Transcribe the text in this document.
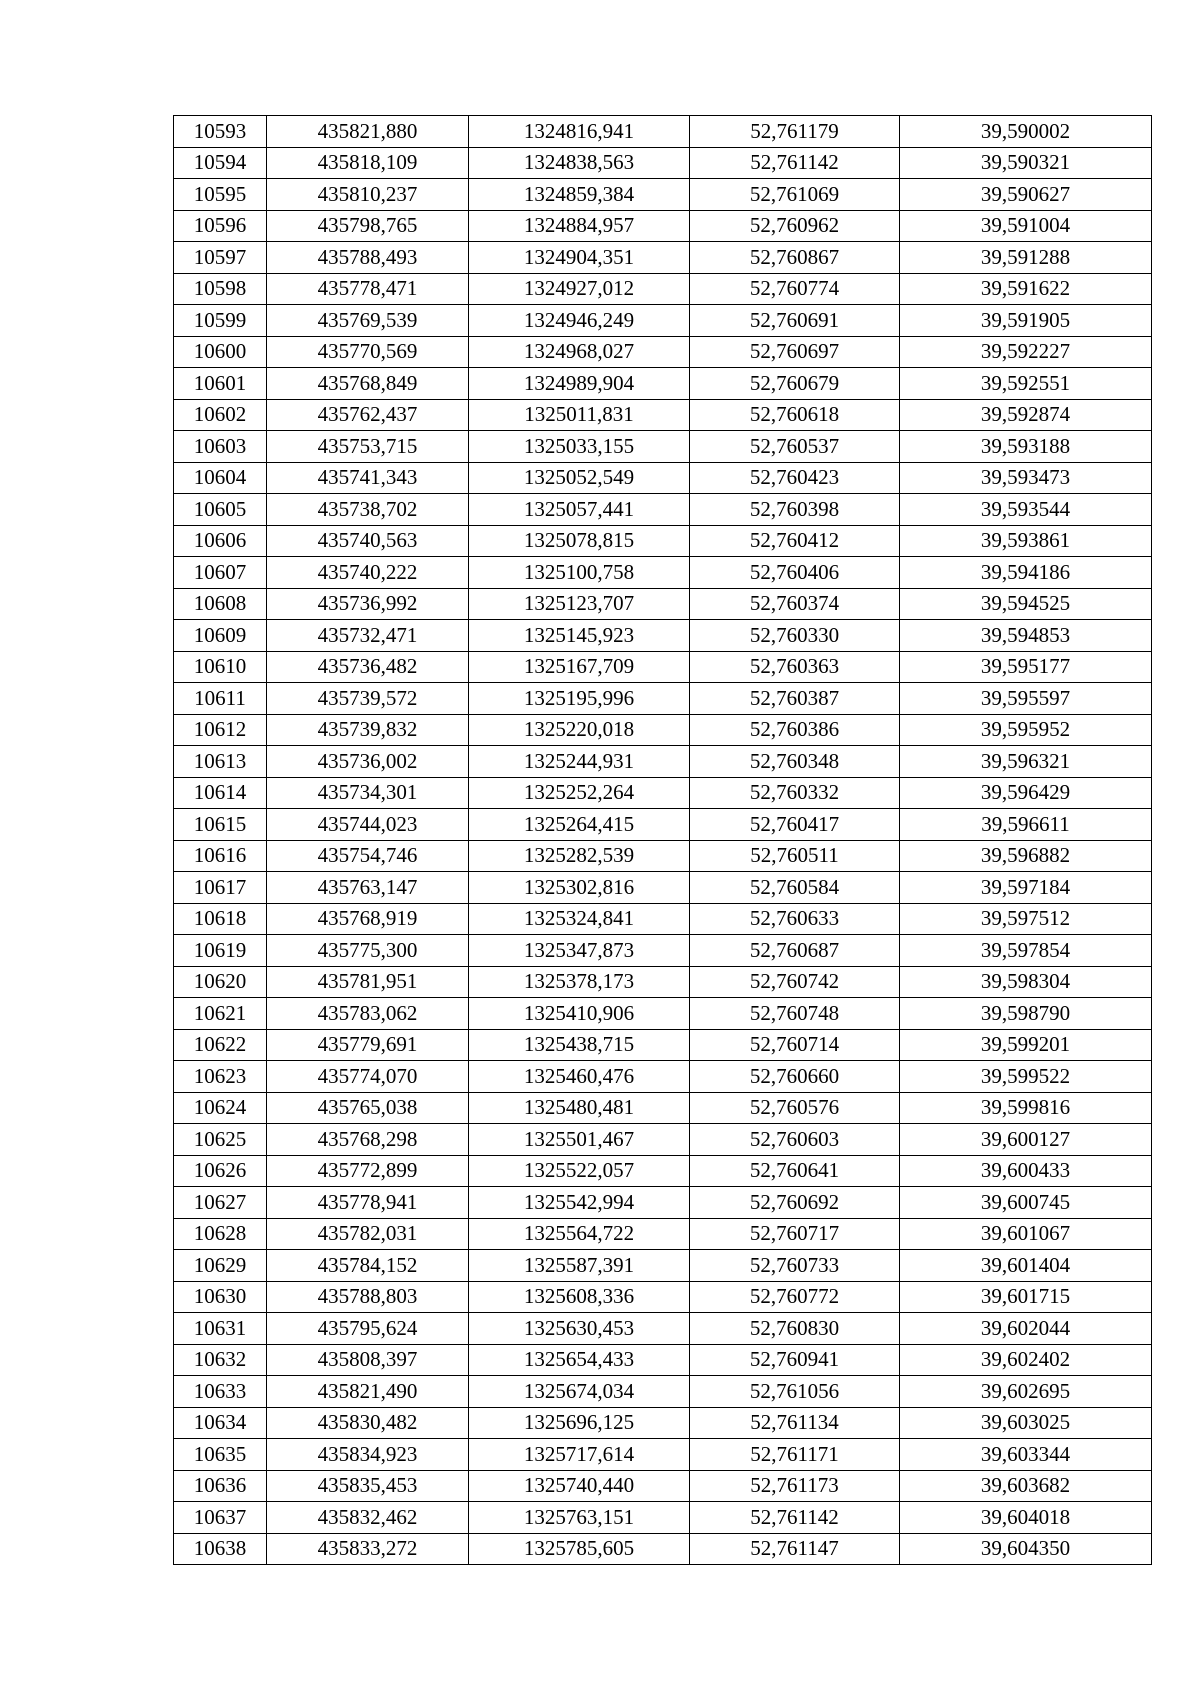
10593	435821,880	1324816,941	52,761179	39,590002
10594	435818,109	1324838,563	52,761142	39,590321
10595	435810,237	1324859,384	52,761069	39,590627
10596	435798,765	1324884,957	52,760962	39,591004
10597	435788,493	1324904,351	52,760867	39,591288
10598	435778,471	1324927,012	52,760774	39,591622
10599	435769,539	1324946,249	52,760691	39,591905
10600	435770,569	1324968,027	52,760697	39,592227
10601	435768,849	1324989,904	52,760679	39,592551
10602	435762,437	1325011,831	52,760618	39,592874
10603	435753,715	1325033,155	52,760537	39,593188
10604	435741,343	1325052,549	52,760423	39,593473
10605	435738,702	1325057,441	52,760398	39,593544
10606	435740,563	1325078,815	52,760412	39,593861
10607	435740,222	1325100,758	52,760406	39,594186
10608	435736,992	1325123,707	52,760374	39,594525
10609	435732,471	1325145,923	52,760330	39,594853
10610	435736,482	1325167,709	52,760363	39,595177
10611	435739,572	1325195,996	52,760387	39,595597
10612	435739,832	1325220,018	52,760386	39,595952
10613	435736,002	1325244,931	52,760348	39,596321
10614	435734,301	1325252,264	52,760332	39,596429
10615	435744,023	1325264,415	52,760417	39,596611
10616	435754,746	1325282,539	52,760511	39,596882
10617	435763,147	1325302,816	52,760584	39,597184
10618	435768,919	1325324,841	52,760633	39,597512
10619	435775,300	1325347,873	52,760687	39,597854
10620	435781,951	1325378,173	52,760742	39,598304
10621	435783,062	1325410,906	52,760748	39,598790
10622	435779,691	1325438,715	52,760714	39,599201
10623	435774,070	1325460,476	52,760660	39,599522
10624	435765,038	1325480,481	52,760576	39,599816
10625	435768,298	1325501,467	52,760603	39,600127
10626	435772,899	1325522,057	52,760641	39,600433
10627	435778,941	1325542,994	52,760692	39,600745
10628	435782,031	1325564,722	52,760717	39,601067
10629	435784,152	1325587,391	52,760733	39,601404
10630	435788,803	1325608,336	52,760772	39,601715
10631	435795,624	1325630,453	52,760830	39,602044
10632	435808,397	1325654,433	52,760941	39,602402
10633	435821,490	1325674,034	52,761056	39,602695
10634	435830,482	1325696,125	52,761134	39,603025
10635	435834,923	1325717,614	52,761171	39,603344
10636	435835,453	1325740,440	52,761173	39,603682
10637	435832,462	1325763,151	52,761142	39,604018
10638	435833,272	1325785,605	52,761147	39,604350
